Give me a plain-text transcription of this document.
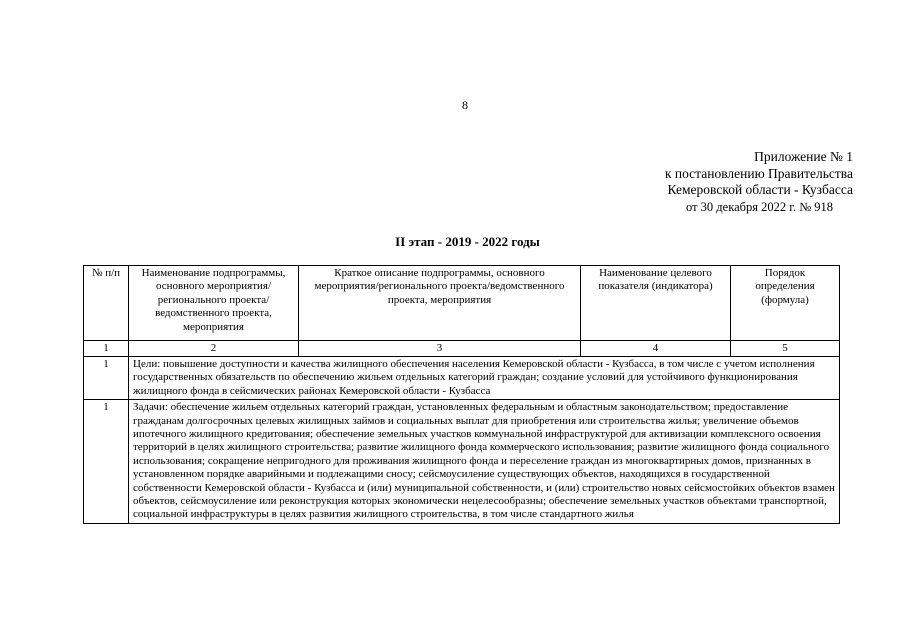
8
Приложение № 1
к постановлению Правительства
Кемеровской области - Кузбасса
от 30 декабря 2022 г. № 918
II этап - 2019 - 2022 годы
№ п/п	Наименование подпрограммы, основного мероприятия/регионального проекта/ведомственного проекта, мероприятия	Краткое описание подпрограммы, основного мероприятия/регионального проекта/ведомственного проекта, мероприятия	Наименование целевого показателя (индикатора)	Порядок определения (формула)
1	2	3	4	5
1	Цели: повышение доступности и качества жилищного обеспечения населения Кемеровской области - Кузбасса, в том числе с учетом исполнения государственных обязательств по обеспечению жильем отдельных категорий граждан; создание условий для устойчивого функционирования жилищного фонда в сейсмических районах Кемеровской области - Кузбасса			
1	Задачи: обеспечение жильем отдельных категорий граждан, установленных федеральным и областным законодательством; предоставление гражданам долгосрочных целевых жилищных займов и социальных выплат для приобретения или строительства жилья; увеличение объемов ипотечного жилищного кредитования; обеспечение земельных участков коммунальной инфраструктурой для активизации комплексного освоения территорий в целях жилищного строительства; развитие жилищного фонда коммерческого использования; развитие жилищного фонда социального использования; сокращение непригодного для проживания жилищного фонда и переселение граждан из многоквартирных домов, признанных в установленном порядке аварийными и подлежащими сносу; сейсмоусиление существующих объектов, находящихся в государственной собственности Кемеровской области - Кузбасса и (или) муниципальной собственности, и (или) строительство новых сейсмостойких объектов взамен объектов, сейсмоусиление или реконструкция которых экономически нецелесообразны; обеспечение земельных участков объектами транспортной, социальной инфраструктуры в целях развития жилищного строительства, в том числе стандартного жилья			
